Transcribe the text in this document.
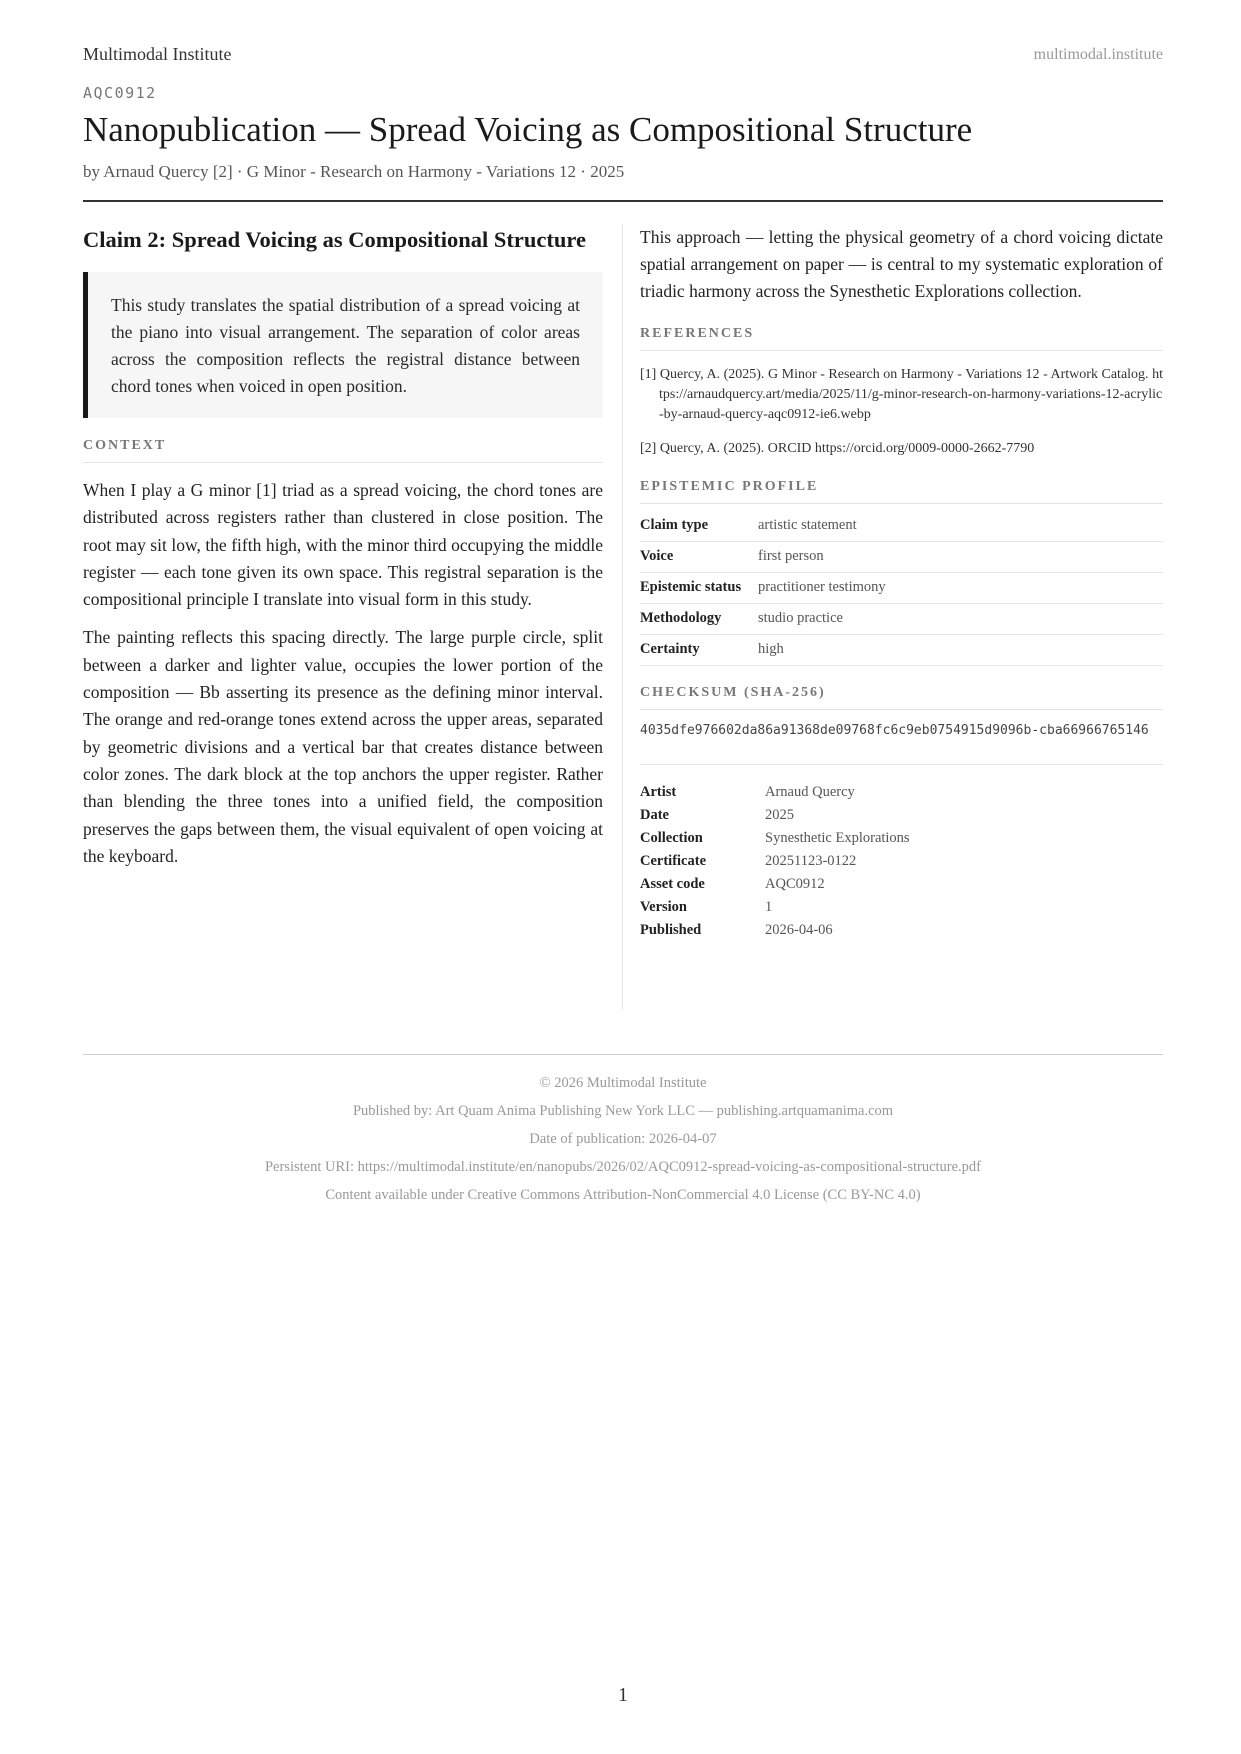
Multimodal Institute	multimodal.institute
AQC0912
Nanopublication — Spread Voicing as Compositional Structure
by Arnaud Quercy [2] · G Minor - Research on Harmony - Variations 12 · 2025
Claim 2: Spread Voicing as Compositional Structure
This study translates the spatial distribution of a spread voicing at the piano into visual arrangement. The separation of color areas across the composition reflects the registral distance between chord tones when voiced in open position.
CONTEXT

When I play a G minor [1] triad as a spread voicing, the chord tones are distributed across registers rather than clustered in close position. The root may sit low, the fifth high, with the minor third occupying the middle register — each tone given its own space. This registral separation is the compositional principle I translate into visual form in this study.

The painting reflects this spacing directly. The large purple circle, split between a darker and lighter value, occupies the lower portion of the composition — Bb asserting its presence as the defining minor interval. The orange and red-orange tones extend across the upper areas, separated by geometric divisions and a vertical bar that creates distance between color zones. The dark block at the top anchors the upper register. Rather than blending the three tones into a unified field, the composition preserves the gaps between them, the visual equivalent of open voicing at the keyboard.

This approach — letting the physical geometry of a chord voicing dictate spatial arrangement on paper — is central to my systematic exploration of triadic harmony across the Synesthetic Explorations collection.

REFERENCES
[1] Quercy, A. (2025). G Minor - Research on Harmony - Variations 12 - Artwork Catalog. https://arnaudquercy.art/media/2025/11/g-minor-research-on-harmony-variations-12-acrylic-by-arnaud-quercy-aqc0912-ie6.webp
[2] Quercy, A. (2025). ORCID https://orcid.org/0009-0000-2662-7790
EPISTEMIC PROFILE
Claim type	artistic statement
Voice	first person
Epistemic status	practitioner testimony
Methodology	studio practice
Certainty	high
CHECKSUM (SHA-256)
4035dfe976602da86a91368de09768fc6c9eb0754915d9096b-cba66966765146
Artist	Arnaud Quercy
Date	2025
Collection	Synesthetic Explorations
Certificate	20251123-0122
Asset code	AQC0912
Version	1
Published	2026-04-06
© 2026 Multimodal Institute
Published by: Art Quam Anima Publishing New York LLC — publishing.artquamanima.com
Date of publication: 2026-04-07
Persistent URI: https://multimodal.institute/en/nanopubs/2026/02/AQC0912-spread-voicing-as-compositional-structure.pdf
Content available under Creative Commons Attribution-NonCommercial 4.0 License (CC BY-NC 4.0)
1
